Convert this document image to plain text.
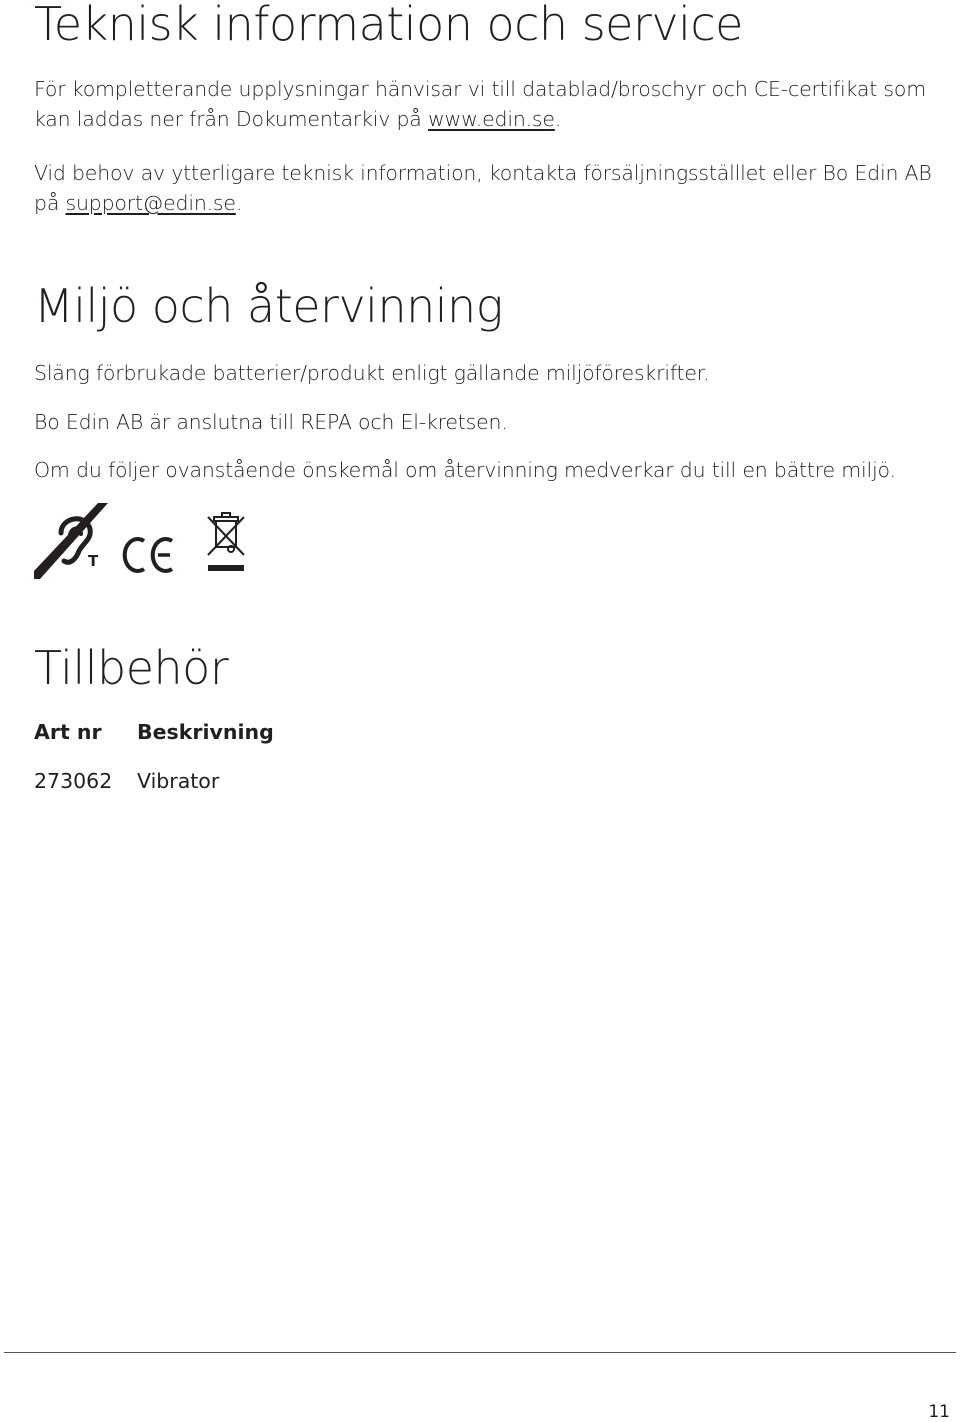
Teknisk information och service

För kompletterande upplysningar hänvisar vi till datablad/broschyr och CE-certifikat som kan laddas ner från Dokumentarkiv på www.edin.se.

Vid behov av ytterligare teknisk information, kontakta försäljningsställlet eller Bo Edin AB på support@edin.se.

Miljö och återvinning

Släng förbrukade batterier/produkt enligt gällande miljöföreskrifter.

Bo Edin AB är anslutna till REPA och El-kretsen.

Om du följer ovanstående önskemål om återvinning medverkar du till en bättre miljö.

T
Tillbehör
Art nr	Beskrivning
273062	Vibrator
11
